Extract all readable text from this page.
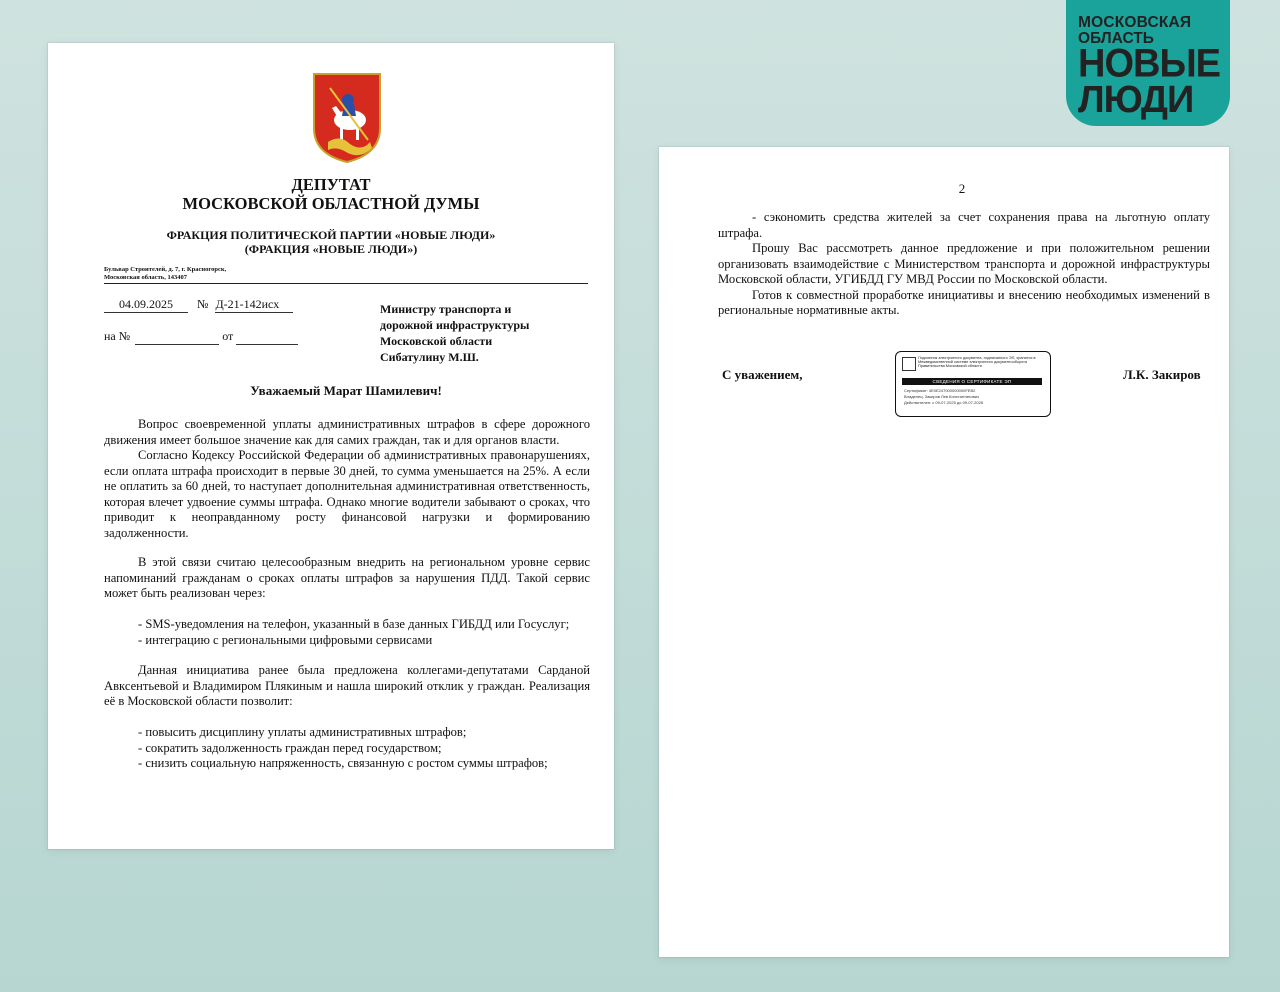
МОСКОВСКАЯ
ОБЛАСТЬ
НОВЫЕ
ЛЮДИ
ДЕПУТАТ
МОСКОВСКОЙ ОБЛАСТНОЙ ДУМЫ
ФРАКЦИЯ ПОЛИТИЧЕСКОЙ ПАРТИИ «НОВЫЕ ЛЮДИ»
(ФРАКЦИЯ «НОВЫЕ ЛЮДИ»)
Бульвар Строителей, д. 7, г. Красногорск,
Московская область, 143407
04.09.2025 № Д-21-142исх
на №	от
Министру транспорта и
дорожной инфраструктуры
Московской области
Сибатулину М.Ш.
Уважаемый Марат Шамилевич!

Вопрос своевременной уплаты административных штрафов в сфере дорожного движения имеет большое значение как для самих граждан, так и для органов власти.

Согласно Кодексу Российской Федерации об административных правонарушениях, если оплата штрафа происходит в первые 30 дней, то сумма уменьшается на 25%. А если не оплатить за 60 дней, то наступает дополнительная административная ответственность, которая влечет удвоение суммы штрафа. Однако многие водители забывают о сроках, что приводит к неоправданному росту финансовой нагрузки и формированию задолженности.

В этой связи считаю целесообразным внедрить на региональном уровне сервис напоминаний гражданам о сроках оплаты штрафов за нарушения ПДД. Такой сервис может быть реализован через:

- SMS-уведомления на телефон, указанный в базе данных ГИБДД или Госуслуг;
- интеграцию с региональными цифровыми сервисами

Данная инициатива ранее была предложена коллегами-депутатами Сарданой Авксентьевой и Владимиром Плякиным и нашла широкий отклик у граждан. Реализация её в Московской области позволит:

- повысить дисциплину уплаты административных штрафов;
- сократить задолженность граждан перед государством;
- снизить социальную напряженность, связанную с ростом суммы штрафов;
2

- сэкономить средства жителей за счет сохранения права на льготную оплату штрафа.

Прошу Вас рассмотреть данное предложение и при положительном решении организовать взаимодействие с Министерством транспорта и дорожной инфраструктуры Московской области, УГИБДД ГУ МВД России по Московской области.

Готов к совместной проработке инициативы и внесению необходимых изменений в региональные нормативные акты.

С уважением,
Подлинник электронного документа, подписанного ЭП, хранится в Межведомственной системе электронного документооборота Правительства Московской области
СВЕДЕНИЯ О СЕРТИФИКАТЕ ЭП
Сертификат: 4E0E247000000000FEB2
Владелец: Закиров Лев Константинович
Действителен: с 09-07-2025 до 09-07-2026
Л.К. Закиров
